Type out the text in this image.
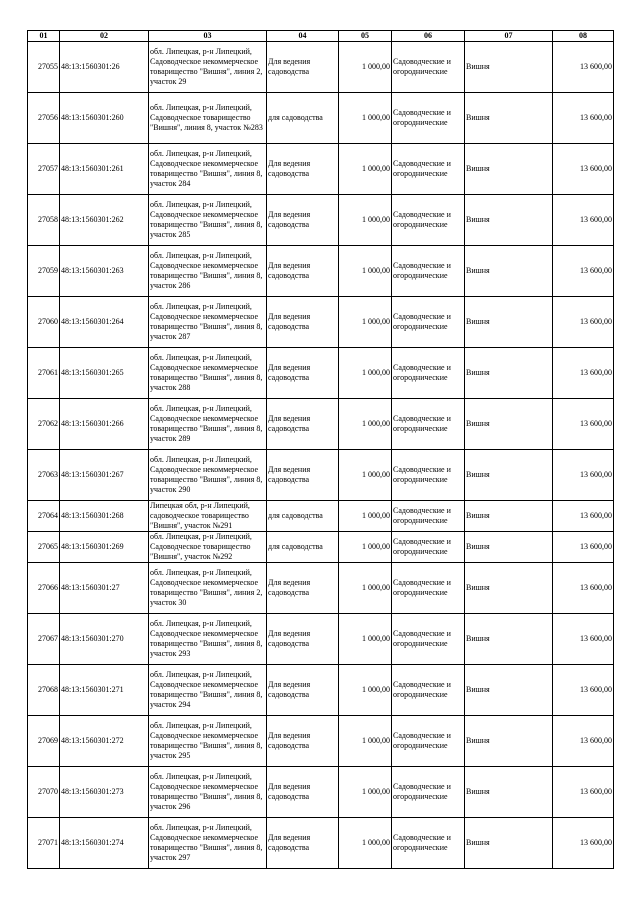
01	02	03	04	05	06	07	08
27055	48:13:1560301:26	обл. Липецкая, р-н Липецкий, Садоводческое некоммерческое товарищество "Вишня", линия 2, участок 29	Для ведения садоводства	1 000,00	Садоводческие и огороднические	Вишня	13 600,00
27056	48:13:1560301:260	обл. Липецкая, р-н Липецкий, Садоводческое товарищество "Вишня", линия 8, участок №283	для садоводства	1 000,00	Садоводческие и огороднические	Вишня	13 600,00
27057	48:13:1560301:261	обл. Липецкая, р-н Липецкий, Садоводческое некоммерческое товарищество "Вишня", линия 8, участок 284	Для ведения садоводства	1 000,00	Садоводческие и огороднические	Вишня	13 600,00
27058	48:13:1560301:262	обл. Липецкая, р-н Липецкий, Садоводческое некоммерческое товарищество "Вишня", линия 8, участок 285	Для ведения садоводства	1 000,00	Садоводческие и огороднические	Вишня	13 600,00
27059	48:13:1560301:263	обл. Липецкая, р-н Липецкий, Садоводческое некоммерческое товарищество "Вишня", линия 8, участок 286	Для ведения садоводства	1 000,00	Садоводческие и огороднические	Вишня	13 600,00
27060	48:13:1560301:264	обл. Липецкая, р-н Липецкий, Садоводческое некоммерческое товарищество "Вишня", линия 8, участок 287	Для ведения садоводства	1 000,00	Садоводческие и огороднические	Вишня	13 600,00
27061	48:13:1560301:265	обл. Липецкая, р-н Липецкий, Садоводческое некоммерческое товарищество "Вишня", линия 8, участок 288	Для ведения садоводства	1 000,00	Садоводческие и огороднические	Вишня	13 600,00
27062	48:13:1560301:266	обл. Липецкая, р-н Липецкий, Садоводческое некоммерческое товарищество "Вишня", линия 8, участок 289	Для ведения садоводства	1 000,00	Садоводческие и огороднические	Вишня	13 600,00
27063	48:13:1560301:267	обл. Липецкая, р-н Липецкий, Садоводческое некоммерческое товарищество "Вишня", линия 8, участок 290	Для ведения садоводства	1 000,00	Садоводческие и огороднические	Вишня	13 600,00
27064	48:13:1560301:268	Липецкая обл, р-н Липецкий, садоводческое товарищество "Вишня", участок №291	для садоводства	1 000,00	Садоводческие и огороднические	Вишня	13 600,00
27065	48:13:1560301:269	обл. Липецкая, р-н Липецкий, Садоводческое товарищество "Вишня", участок №292	для садоводства	1 000,00	Садоводческие и огороднические	Вишня	13 600,00
27066	48:13:1560301:27	обл. Липецкая, р-н Липецкий, Садоводческое некоммерческое товарищество "Вишня", линия 2, участок 30	Для ведения садоводства	1 000,00	Садоводческие и огороднические	Вишня	13 600,00
27067	48:13:1560301:270	обл. Липецкая, р-н Липецкий, Садоводческое некоммерческое товарищество "Вишня", линия 8, участок 293	Для ведения садоводства	1 000,00	Садоводческие и огороднические	Вишня	13 600,00
27068	48:13:1560301:271	обл. Липецкая, р-н Липецкий, Садоводческое некоммерческое товарищество "Вишня", линия 8, участок 294	Для ведения садоводства	1 000,00	Садоводческие и огороднические	Вишня	13 600,00
27069	48:13:1560301:272	обл. Липецкая, р-н Липецкий, Садоводческое некоммерческое товарищество "Вишня", линия 8, участок 295	Для ведения садоводства	1 000,00	Садоводческие и огороднические	Вишня	13 600,00
27070	48:13:1560301:273	обл. Липецкая, р-н Липецкий, Садоводческое некоммерческое товарищество "Вишня", линия 8, участок 296	Для ведения садоводства	1 000,00	Садоводческие и огороднические	Вишня	13 600,00
27071	48:13:1560301:274	обл. Липецкая, р-н Липецкий, Садоводческое некоммерческое товарищество "Вишня", линия 8, участок 297	Для ведения садоводства	1 000,00	Садоводческие и огороднические	Вишня	13 600,00
